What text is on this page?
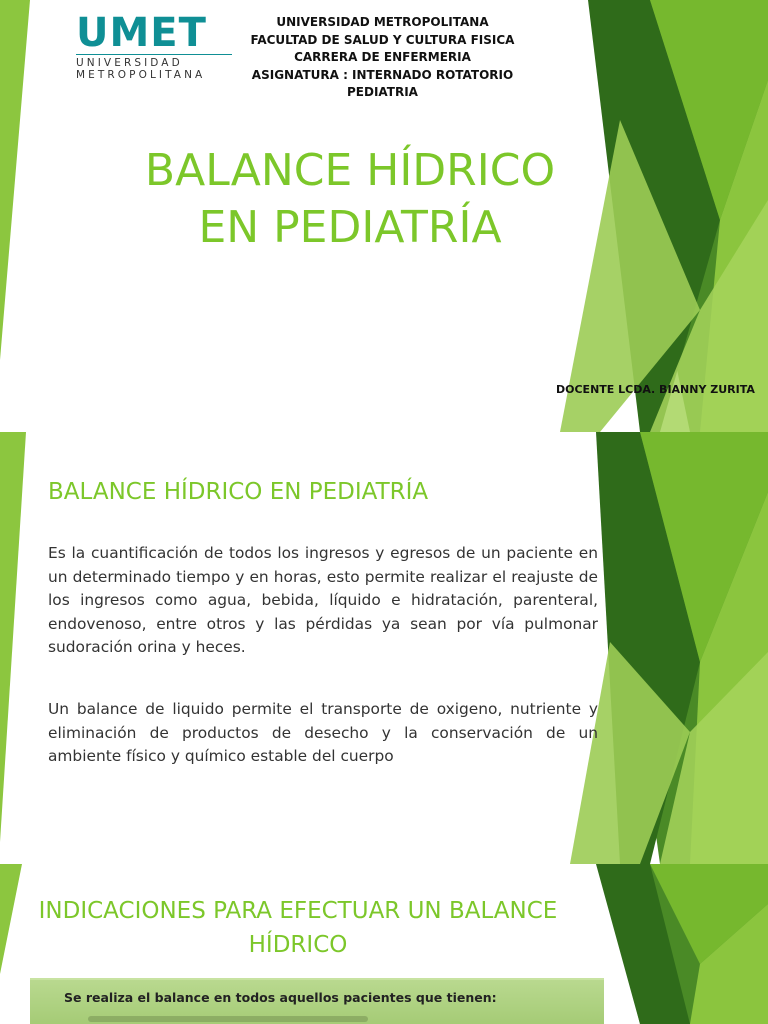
UMET
UNIVERSIDAD METROPOLITANA
UNIVERSIDAD METROPOLITANA
FACULTAD DE SALUD Y CULTURA FISICA
CARRERA DE ENFERMERIA
ASIGNATURA : INTERNADO ROTATORIO
PEDIATRIA
BALANCE HÍDRICO
EN PEDIATRÍA
DOCENTE LCDA. BIANNY ZURITA
BALANCE HÍDRICO EN PEDIATRÍA

Es la cuantificación de todos los ingresos y egresos de un paciente en un determinado tiempo y en horas, esto permite realizar el reajuste de los ingresos como agua, bebida, líquido e hidratación, parenteral, endovenoso, entre otros y las pérdidas ya sean por vía pulmonar sudoración orina y heces.

Un balance de liquido permite el transporte de oxigeno, nutriente y eliminación de productos de desecho y la conservación de un ambiente físico y químico estable del cuerpo

INDICACIONES PARA EFECTUAR UN BALANCE
HÍDRICO
Se realiza el balance en todos aquellos pacientes que tienen:
